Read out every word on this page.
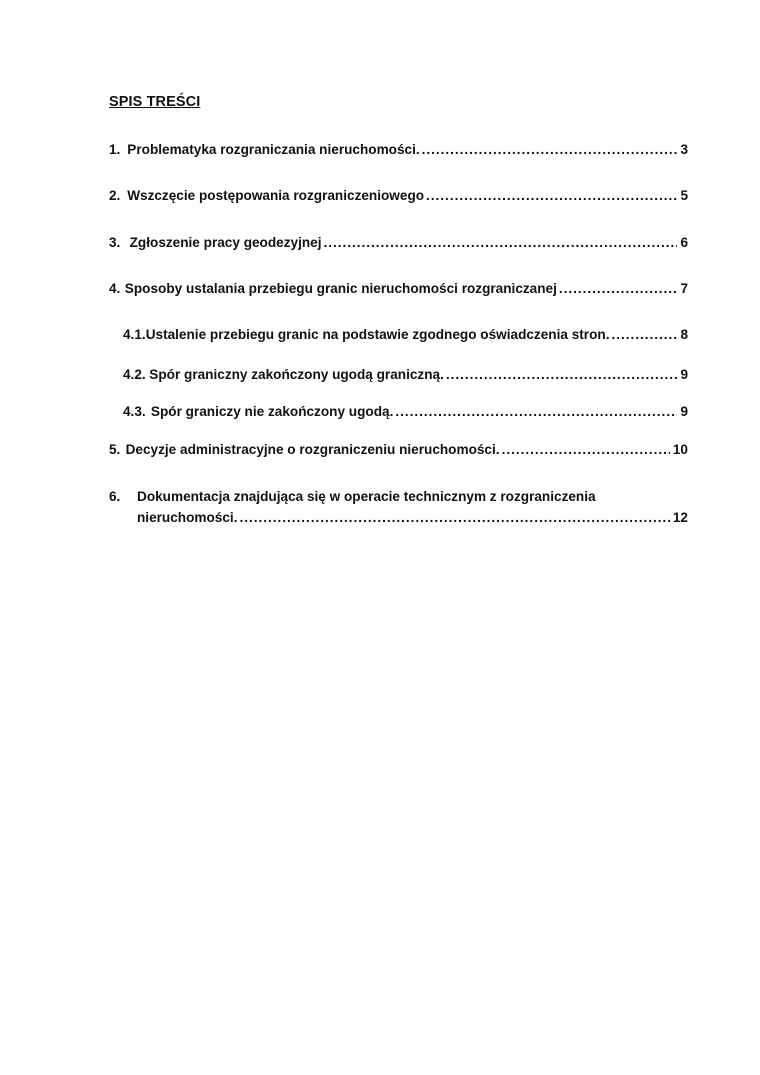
SPIS TREŚCI
1. Problematyka rozgraniczania nieruchomości. . . .	3
2. Wszczęcie postępowania rozgraniczeniowego . . .	5
3. Zgłoszenie pracy geodezyjnej . . .	6
4. Sposoby ustalania przebiegu granic nieruchomości rozgraniczanej . . .	7
4.1. Ustalenie przebiegu granic na podstawie zgodnego oświadczenia stron. . . .	8
4.2. Spór graniczny zakończony ugodą graniczną. . . .	9
4.3. Spór graniczy nie zakończony ugodą. . . .	9
5. Decyzje administracyjne o rozgraniczeniu nieruchomości. . . .	10
6.	Dokumentacja znajdująca się w operacie technicznym z rozgraniczenia
nieruchomości. . . .	12
